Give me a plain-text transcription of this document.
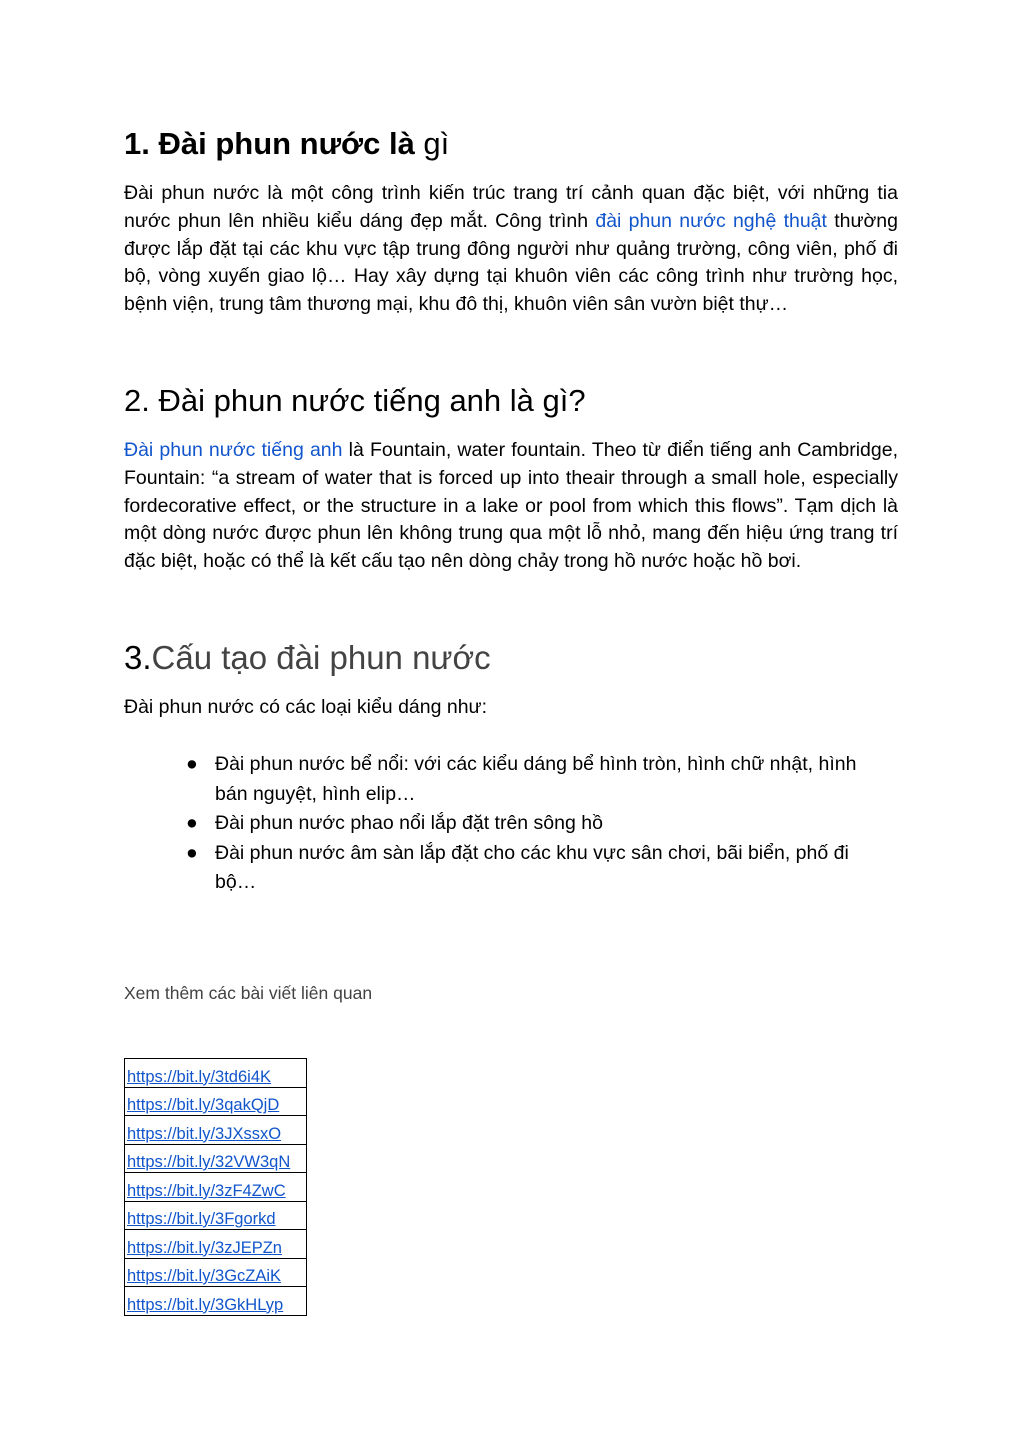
1. Đài phun nước là gì

Đài phun nước là một công trình kiến trúc trang trí cảnh quan đặc biệt, với những tia nước phun lên nhiều kiểu dáng đẹp mắt. Công trình đài phun nước nghệ thuật thường được lắp đặt tại các khu vực tập trung đông người như quảng trường, công viên, phố đi bộ, vòng xuyến giao lộ… Hay xây dựng tại khuôn viên các công trình như trường học, bệnh viện, trung tâm thương mại, khu đô thị, khuôn viên sân vườn biệt thự…

2. Đài phun nước tiếng anh là gì?

Đài phun nước tiếng anh là Fountain, water fountain. Theo từ điển tiếng anh Cambridge, Fountain: “a stream of water that is forced up into theair through a small hole, especially fordecorative effect, or the structure in a lake or pool from which this flows”. Tạm dịch là một dòng nước được phun lên không trung qua một lỗ nhỏ, mang đến hiệu ứng trang trí đặc biệt, hoặc có thể là kết cấu tạo nên dòng chảy trong hồ nước hoặc hồ bơi.

3.Cấu tạo đài phun nước

Đài phun nước có các loại kiểu dáng như:

● Đài phun nước bể nổi: với các kiểu dáng bể hình tròn, hình chữ nhật, hình bán nguyệt, hình elip…
● Đài phun nước phao nổi lắp đặt trên sông hồ
● Đài phun nước âm sàn lắp đặt cho các khu vực sân chơi, bãi biển, phố đi bộ…

Xem thêm các bài viết liên quan

https://bit.ly/3td6i4K
https://bit.ly/3qakQjD
https://bit.ly/3JXssxO
https://bit.ly/32VW3qN
https://bit.ly/3zF4ZwC
https://bit.ly/3Fgorkd
https://bit.ly/3zJEPZn
https://bit.ly/3GcZAiK
https://bit.ly/3GkHLyp
